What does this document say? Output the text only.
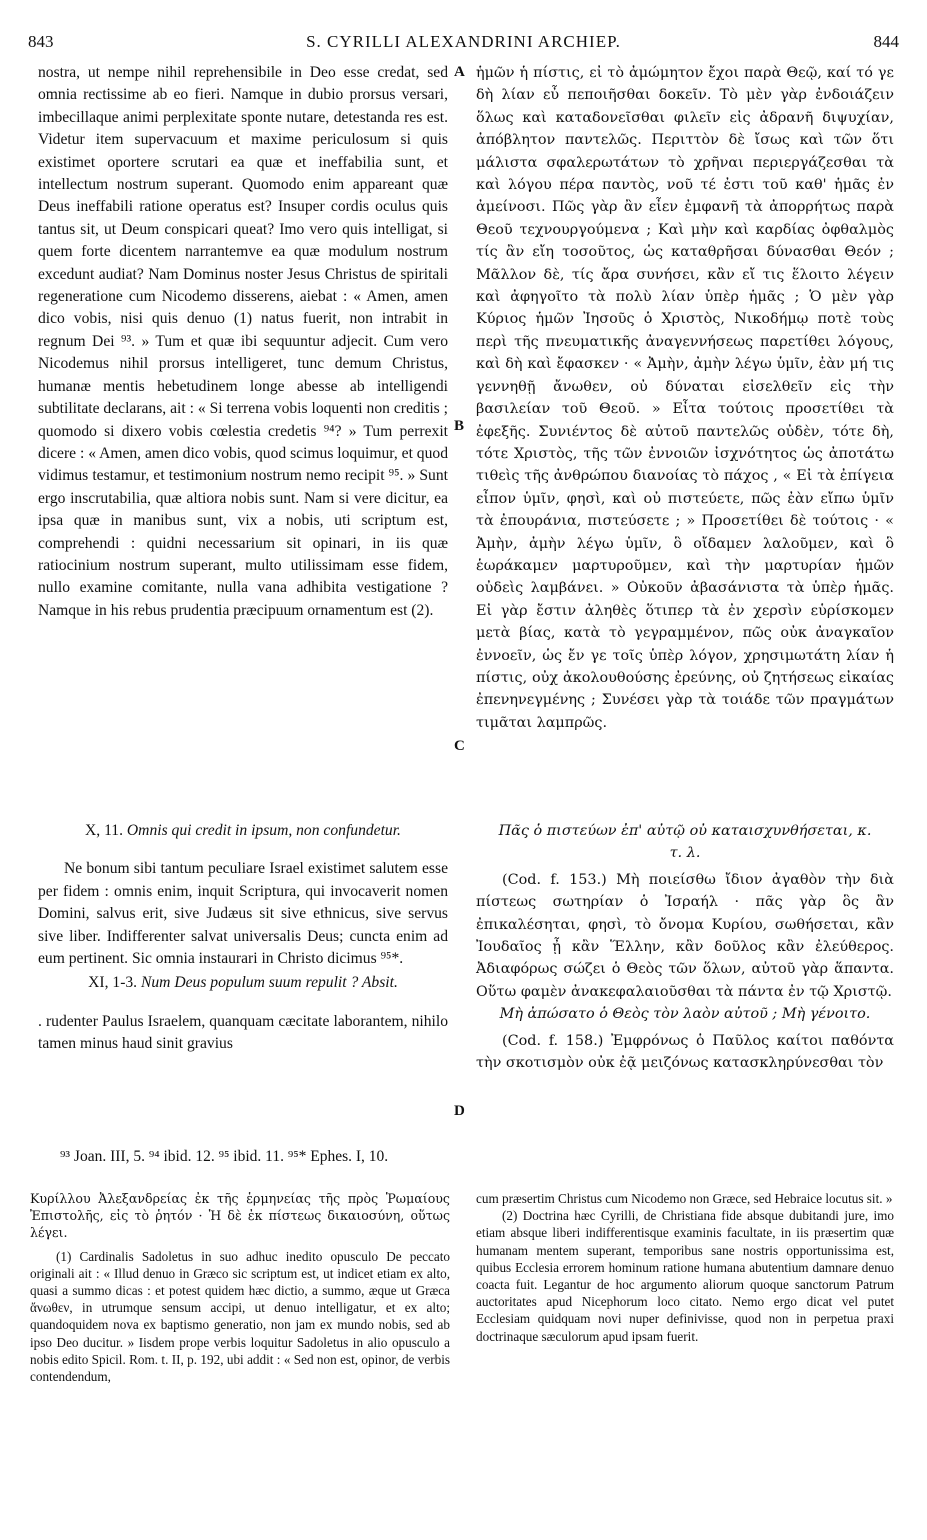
843	S. CYRILLI ALEXANDRINI ARCHIEP.	844
A
B
C
D

nostra, ut nempe nihil reprehensibile in Deo esse credat, sed omnia rectissime ab eo fieri. Namque in dubio prorsus versari, imbecillaque animi perplexitate sponte nutare, detestanda res est. Videtur item supervacuum et maxime periculosum si quis existimet oportere scrutari ea quæ et ineffabilia sunt, et intellectum nostrum superant. Quomodo enim appareant quæ Deus ineffabili ratione operatus est? Insuper cordis oculus quis tantus sit, ut Deum conspicari queat? Imo vero quis intelligat, si quem forte dicentem narrantemve ea quæ modulum nostrum excedunt audiat? Nam Dominus noster Jesus Christus de spiritali regeneratione cum Nicodemo disserens, aiebat : « Amen, amen dico vobis, nisi quis denuo (1) natus fuerit, non intrabit in regnum Dei ⁹³. » Tum et quæ ibi sequuntur adjecit. Cum vero Nicodemus nihil prorsus intelligeret, tunc demum Christus, humanæ mentis hebetudinem longe abesse ab intelligendi subtilitate declarans, ait : « Si terrena vobis loquenti non creditis ; quomodo si dixero vobis cœlestia credetis ⁹⁴? » Tum perrexit dicere : « Amen, amen dico vobis, quod scimus loquimur, et quod vidimus testamur, et testimonium nostrum nemo recipit ⁹⁵. » Sunt ergo inscrutabilia, quæ altiora nobis sunt. Nam si vere dicitur, ea ipsa quæ in manibus sunt, vix a nobis, uti scriptum est, comprehendi : quidni necessarium sit opinari, in iis quæ ratiocinium nostrum superant, multo utilissimam esse fidem, nullo examine comitante, nulla vana adhibita vestigatione ? Namque in his rebus prudentia præcipuum ornamentum est (2).

X, 11. Omnis qui credit in ipsum, non confundetur.

Ne bonum sibi tantum peculiare Israel existimet salutem esse per fidem : omnis enim, inquit Scriptura, qui invocaverit nomen Domini, salvus erit, sive Judæus sit sive ethnicus, sive servus sive liber. Indifferenter salvat universalis Deus; cuncta enim ad eum pertinent. Sic omnia instaurari in Christo dicimus ⁹⁵*.

XI, 1-3. Num Deus populum suum repulit ? Absit.

. rudenter Paulus Israelem, quanquam cæcitate laborantem, nihilo tamen minus haud sinit gravius

ἡμῶν ἡ πίστις, εἰ τὸ ἀμώμητον ἔχοι παρὰ Θεῷ, καί τό γε δὴ λίαν εὖ πεποιῆσθαι δοκεῖν. Τὸ μὲν γὰρ ἐνδοιάζειν ὅλως καὶ καταδονεῖσθαι φιλεῖν εἰς ἀδρανῆ διψυχίαν, ἀπόβλητον παντελῶς. Περιττὸν δὲ ἴσως καὶ τῶν ὅτι μάλιστα σφαλερωτάτων τὸ χρῆναι περιεργάζεσθαι τὰ καὶ λόγου πέρα παντὸς, νοῦ τέ ἐστι τοῦ καθ' ἡμᾶς ἐν ἀμείνοσι. Πῶς γὰρ ἂν εἶεν ἐμφανῆ τὰ ἀπορρήτως παρὰ Θεοῦ τεχνουργούμενα ; Καὶ μὴν καὶ καρδίας ὀφθαλμὸς τίς ἂν εἴη τοσοῦτος, ὡς καταθρῆσαι δύνασθαι Θεόν ; Μᾶλλον δὲ, τίς ἄρα συνήσει, κἂν εἴ τις ἕλοιτο λέγειν καὶ ἀφηγοῖτο τὰ πολὺ λίαν ὑπὲρ ἡμᾶς ; Ὁ μὲν γὰρ Κύριος ἡμῶν Ἰησοῦς ὁ Χριστὸς, Νικοδήμῳ ποτὲ τοὺς περὶ τῆς πνευματικῆς ἀναγεννήσεως παρετίθει λόγους, καὶ δὴ καὶ ἔφασκεν · « Ἀμὴν, ἀμὴν λέγω ὑμῖν, ἐὰν μή τις γεννηθῇ ἄνωθεν, οὐ δύναται εἰσελθεῖν εἰς τὴν βασιλείαν τοῦ Θεοῦ. » Εἶτα τούτοις προσετίθει τὰ ἐφεξῆς. Συνιέντος δὲ αὐτοῦ παντελῶς οὐδὲν, τότε δὴ, τότε Χριστὸς, τῆς τῶν ἐννοιῶν ἰσχνότητος ὡς ἀποτάτω τιθεὶς τῆς ἀνθρώπου διανοίας τὸ πάχος , « Εἰ τὰ ἐπίγεια εἶπον ὑμῖν, φησὶ, καὶ οὐ πιστεύετε, πῶς ἐὰν εἴπω ὑμῖν τὰ ἐπουράνια, πιστεύσετε ; » Προσετίθει δὲ τούτοις · « Ἀμὴν, ἀμὴν λέγω ὑμῖν, ὃ οἴδαμεν λαλοῦμεν, καὶ ὃ ἑωράκαμεν μαρτυροῦμεν, καὶ τὴν μαρτυρίαν ἡμῶν οὐδεὶς λαμβάνει. » Οὐκοῦν ἀβασάνιστα τὰ ὑπὲρ ἡμᾶς. Εἰ γὰρ ἔστιν ἀληθὲς ὅτιπερ τὰ ἐν χερσὶν εὑρίσκομεν μετὰ βίας, κατὰ τὸ γεγραμμένον, πῶς οὐκ ἀναγκαῖον ἐννοεῖν, ὡς ἔν γε τοῖς ὑπὲρ λόγον, χρησιμωτάτη λίαν ἡ πίστις, οὐχ ἀκολουθούσης ἐρεύνης, οὐ ζητήσεως εἰκαίας ἐπενηνεγμένης ; Συνέσει γὰρ τὰ τοιάδε τῶν πραγμάτων τιμᾶται λαμπρῶς.

Πᾶς ὁ πιστεύων ἐπ' αὐτῷ οὐ καταισχυνθήσεται, κ. τ. λ.

(Cod. f. 153.) Μὴ ποιείσθω ἴδιον ἀγαθὸν τὴν διὰ πίστεως σωτηρίαν ὁ Ἰσραήλ · πᾶς γὰρ ὃς ἂν ἐπικαλέσηται, φησὶ, τὸ ὄνομα Κυρίου, σωθήσεται, κἂν Ἰουδαῖος ᾖ κἂν Ἕλλην, κἂν δοῦλος κἂν ἐλεύθερος. Ἀδιαφόρως σώζει ὁ Θεὸς τῶν ὅλων, αὐτοῦ γὰρ ἅπαντα. Οὕτω φαμὲν ἀνακεφαλαιοῦσθαι τὰ πάντα ἐν τῷ Χριστῷ.

Μὴ ἀπώσατο ὁ Θεὸς τὸν λαὸν αὐτοῦ ; Μὴ γένοιτο.

(Cod. f. 158.) Ἐμφρόνως ὁ Παῦλος καίτοι παθόντα τὴν σκοτισμὸν οὐκ ἐᾷ μειζόνως κατασκληρύνεσθαι τὸν

⁹³ Joan. III, 5. ⁹⁴ ibid. 12. ⁹⁵ ibid. 11. ⁹⁵* Ephes. I, 10.

Κυρίλλου Ἀλεξανδρείας ἐκ τῆς ἑρμηνείας τῆς πρὸς Ῥωμαίους Ἐπιστολῆς, εἰς τὸ ῥητόν · Ἡ δὲ ἐκ πίστεως δικαιοσύνη, οὕτως λέγει.

(1) Cardinalis Sadoletus in suo adhuc inedito opusculo De peccato originali ait : « Illud denuo in Græco sic scriptum est, ut indicet etiam ex alto, quasi a summo dicas : et potest quidem hæc dictio, a summo, æque ut Græca ἄνωθεν, in utrumque sensum accipi, ut denuo intelligatur, et ex alto; quandoquidem nova ex baptismo generatio, non jam ex mundo nobis, sed ab ipso Deo ducitur. » Iisdem prope verbis loquitur Sadoletus in alio opusculo a nobis edito Spicil. Rom. t. II, p. 192, ubi addit : « Sed non est, opinor, de verbis contendendum,

cum præsertim Christus cum Nicodemo non Græce, sed Hebraice locutus sit. »

(2) Doctrina hæc Cyrilli, de Christiana fide absque dubitandi jure, imo etiam absque liberi indifferentisque examinis facultate, in iis præsertim quæ humanam mentem superant, temporibus sane nostris opportunissima est, quibus Ecclesia errorem hominum ratione humana abutentium damnare denuo coacta fuit. Legantur de hoc argumento aliorum quoque sanctorum Patrum auctoritates apud Nicephorum loco citato. Nemo ergo dicat vel putet Ecclesiam quidquam novi nuper definivisse, quod non in perpetua praxi doctrinaque sæculorum apud ipsam fuerit.
